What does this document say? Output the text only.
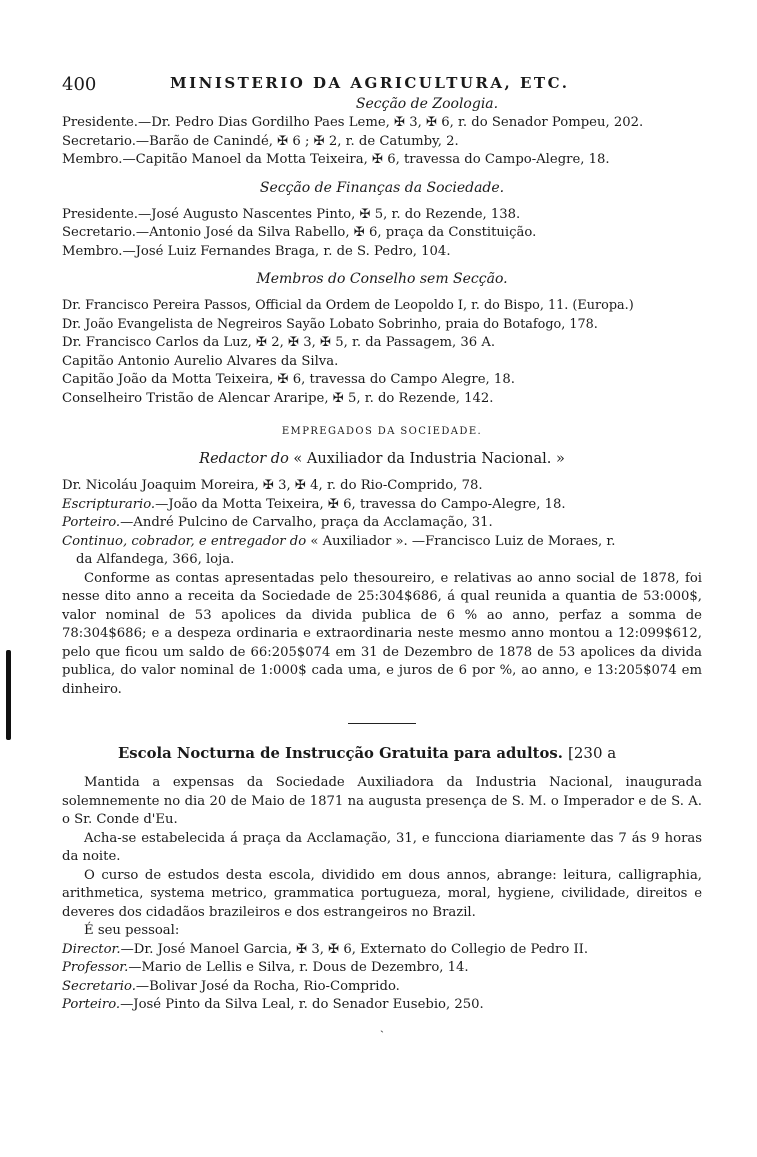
400	MINISTERIO DA AGRICULTURA, ETC.

Secção de Zoologia.

Presidente.—Dr. Pedro Dias Gordilho Paes Leme, ✠ 3, ✠ 6, r. do Senador Pompeu, 202.

Secretario.—Barão de Canindé, ✠ 6 ; ✠ 2, r. de Catumby, 2.

Membro.—Capitão Manoel da Motta Teixeira, ✠ 6, travessa do Campo-Alegre, 18.

Secção de Finanças da Sociedade.

Presidente.—José Augusto Nascentes Pinto, ✠ 5, r. do Rezende, 138.

Secretario.—Antonio José da Silva Rabello, ✠ 6, praça da Constituição.

Membro.—José Luiz Fernandes Braga, r. de S. Pedro, 104.

Membros do Conselho sem Secção.

Dr. Francisco Pereira Passos, Official da Ordem de Leopoldo I, r. do Bispo, 11. (Europa.)

Dr. João Evangelista de Negreiros Sayão Lobato Sobrinho, praia do Botafogo, 178.

Dr. Francisco Carlos da Luz, ✠ 2, ✠ 3, ✠ 5, r. da Passagem, 36 A.

Capitão Antonio Aurelio Alvares da Silva.

Capitão João da Motta Teixeira, ✠ 6, travessa do Campo Alegre, 18.

Conselheiro Tristão de Alencar Araripe, ✠ 5, r. do Rezende, 142.

EMPREGADOS DA SOCIEDADE.

Redactor do « Auxiliador da Industria Nacional. »

Dr. Nicoláu Joaquim Moreira, ✠ 3, ✠ 4, r. do Rio-Comprido, 78.

Escripturario.—João da Motta Teixeira, ✠ 6, travessa do Campo-Alegre, 18.

Porteiro.—André Pulcino de Carvalho, praça da Acclamação, 31.

Continuo, cobrador, e entregador do « Auxiliador ». —Francisco Luiz de Moraes, r.

da Alfandega, 366, loja.

Conforme as contas apresentadas pelo thesoureiro, e relativas ao anno social de 1878, foi nesse dito anno a receita da Sociedade de 25:304$686, á qual reunida a quantia de 53:000$, valor nominal de 53 apolices da divida publica de 6 % ao anno, perfaz a somma de 78:304$686; e a despeza ordinaria e extraordinaria neste mesmo anno montou a 12:099$612, pelo que ficou um saldo de 66:205$074 em 31 de Dezembro de 1878 de 53 apolices da divida publica, do valor nominal de 1:000$ cada uma, e juros de 6 por %, ao anno, e 13:205$074 em dinheiro.

Escola Nocturna de Instrucção Gratuita para adultos. [230 a

Mantida a expensas da Sociedade Auxiliadora da Industria Nacional, inaugurada solemnemente no dia 20 de Maio de 1871 na augusta presença de S. M. o Imperador e de S. A. o Sr. Conde d'Eu.

Acha-se estabelecida á praça da Acclamação, 31, e funcciona diariamente das 7 ás 9 horas da noite.

O curso de estudos desta escola, dividido em dous annos, abrange: leitura, calligraphia, arithmetica, systema metrico, grammatica portugueza, moral, hygiene, civilidade, direitos e deveres dos cidadãos brazileiros e dos estrangeiros no Brazil.

É seu pessoal:

Director.—Dr. José Manoel Garcia, ✠ 3, ✠ 6, Externato do Collegio de Pedro II.

Professor.—Mario de Lellis e Silva, r. Dous de Dezembro, 14.

Secretario.—Bolivar José da Rocha, Rio-Comprido.

Porteiro.—José Pinto da Silva Leal, r. do Senador Eusebio, 250.

ˎ
